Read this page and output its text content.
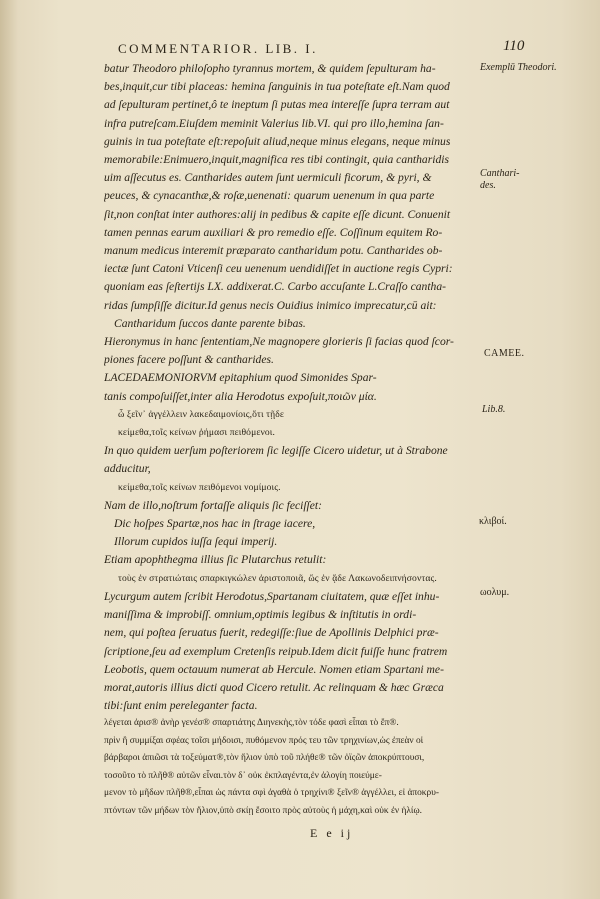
COMMENTARIOR. LIB. I.	110
Exemplū Theodori.
Canthari-des.
CAMEE.
Lib.8.
κλιβοί.
ωολυμ.
batur Theodoro philoſopho tyrannus mortem, & quidem ſepulturam ha-
bes,inquit,cur tibi placeas: hemina ſanguinis in tua poteſtate eſt.Nam quod
ad ſepulturam pertinet,ô te ineptum ſi putas mea intereſſe ſupra terram aut
infra putreſcam.Eiuſdem meminit Valerius lib.VI. qui pro illo,hemina ſan-
guinis in tua poteſtate eſt:repoſuit aliud,neque minus elegans, neque minus
memorabile:Enimuero,inquit,magnifica res tibi contingit, quia cantharidis
uim aſſecutus es. Cantharides autem ſunt uermiculi ficorum, & pyri, &
peuces, & cynacanthæ,& roſæ,uenenati: quarum uenenum in qua parte
ſit,non conſtat inter authores:alij in pedibus & capite eſſe dicunt. Conuenit
tamen pennas earum auxiliari & pro remedio eſſe. Coſſinum equitem Ro-
manum medicus interemit præparato cantharidum potu. Cantharides ob-
iectæ ſunt Catoni Vticenſi ceu uenenum uendidiſſet in auctione regis Cypri:
quoniam eas ſeſtertijs LX. addixerat.C. Carbo accuſante L.Craſſo cantha-
ridas ſumpſiſſe dicitur.Id genus necis Ouidius inimico imprecatur,cū ait:
Cantharidum ſuccos dante parente bibas.
Hieronymus in hanc ſententiam,Ne magnopere glorieris ſi facias quod ſcor-
piones facere poſſunt & cantharides.
LACEDAEMONIORVM epitaphium quod Simonides Spar-
tanis compoſuiſſet,inter alia Herodotus expoſuit,ποιῶν μία.
ὦ ξεῖν᾽ ἀγγέλλειν λακεδαιμονίοις,ὅτι τῇδε
κείμεθα,τοῖς κείνων ῥήμασι πειθόμενοι.
In quo quidem uerſum poſteriorem ſic legiſſe Cicero uidetur, ut à Strabone
adducitur,
κείμεθα,τοῖς κείνων πειθόμενοι νομίμοις.
Nam de illo,noſtrum fortaſſe aliquis ſic feciſſet:
Dic hoſpes Spartæ,nos hac in ſtrage iacere,
Illorum cupidos iuſſa ſequi imperij.
Etiam apophthegma illius ſic Plutarchus retulit:
τοὺς ἐν στρατιώταις σπαρκιγκώλεν ἀριστοποιᾶ, ὥς ἐν ᾅδε Λακωνοδειπνήσοντας.
Lycurgum autem ſcribit Herodotus,Spartanam ciuitatem, quæ eſſet inhu-
maniſſima & improbiſſ. omnium,optimis legibus & inſtitutis in ordi-
nem, qui poſtea ſeruatus fuerit, redegiſſe:ſiue de Apollinis Delphici præ-
ſcriptione,ſeu ad exemplum Cretenſis reipub.Idem dicit fuiſſe hunc fratrem
Leobotis, quem octauum numerat ab Hercule. Nomen etiam Spartani me-
morat,autoris illius dicti quod Cicero retulit. Ac relinquam & hæc Græca
tibi:ſunt enim pereleganter facta.
λέγεται ἀρισ® ἀνὴρ γενέσ® σπαρτιάτης Διηνεκὴς,τὸν τόδε φασὶ εἶπαι τὸ ἔπ®.
πρὶν ἢ συμμίξαι σφέας τοῖσι μήδοισι, πυθόμενον πρός τευ τῶν τρηχινίων,ὡς ἐπεὰν οἱ
βάρβαροι ἀπιῶσι τὰ τοξεύματ®,τὸν ἥλιον ὑπὸ τοῦ πλήθε® τῶν ὀϊςῶν ἀποκρύπτουσι,
τοσοῦτο τὸ πλῆθ® αὐτῶν εἶναι.τὸν δ᾽ οὐκ ἐκπλαγέντα,ἐν ἀλογίη ποιεύμε-
μενον τὸ μῆδων πλῆθ®,εἶπαι ὡς πάντα σφὶ ἀγαθὰ ὁ τρηχίνι® ξεῖν® ἀγγέλλει, εἰ ἀποκρυ-
πτόντων τῶν μήδων τὸν ἥλιον,ὑπὸ σκίῃ ἔσοιτο πρὸς αὐτοὺς ἡ μάχη,καὶ οὐκ ἐν ἡλίῳ.
E e ij
